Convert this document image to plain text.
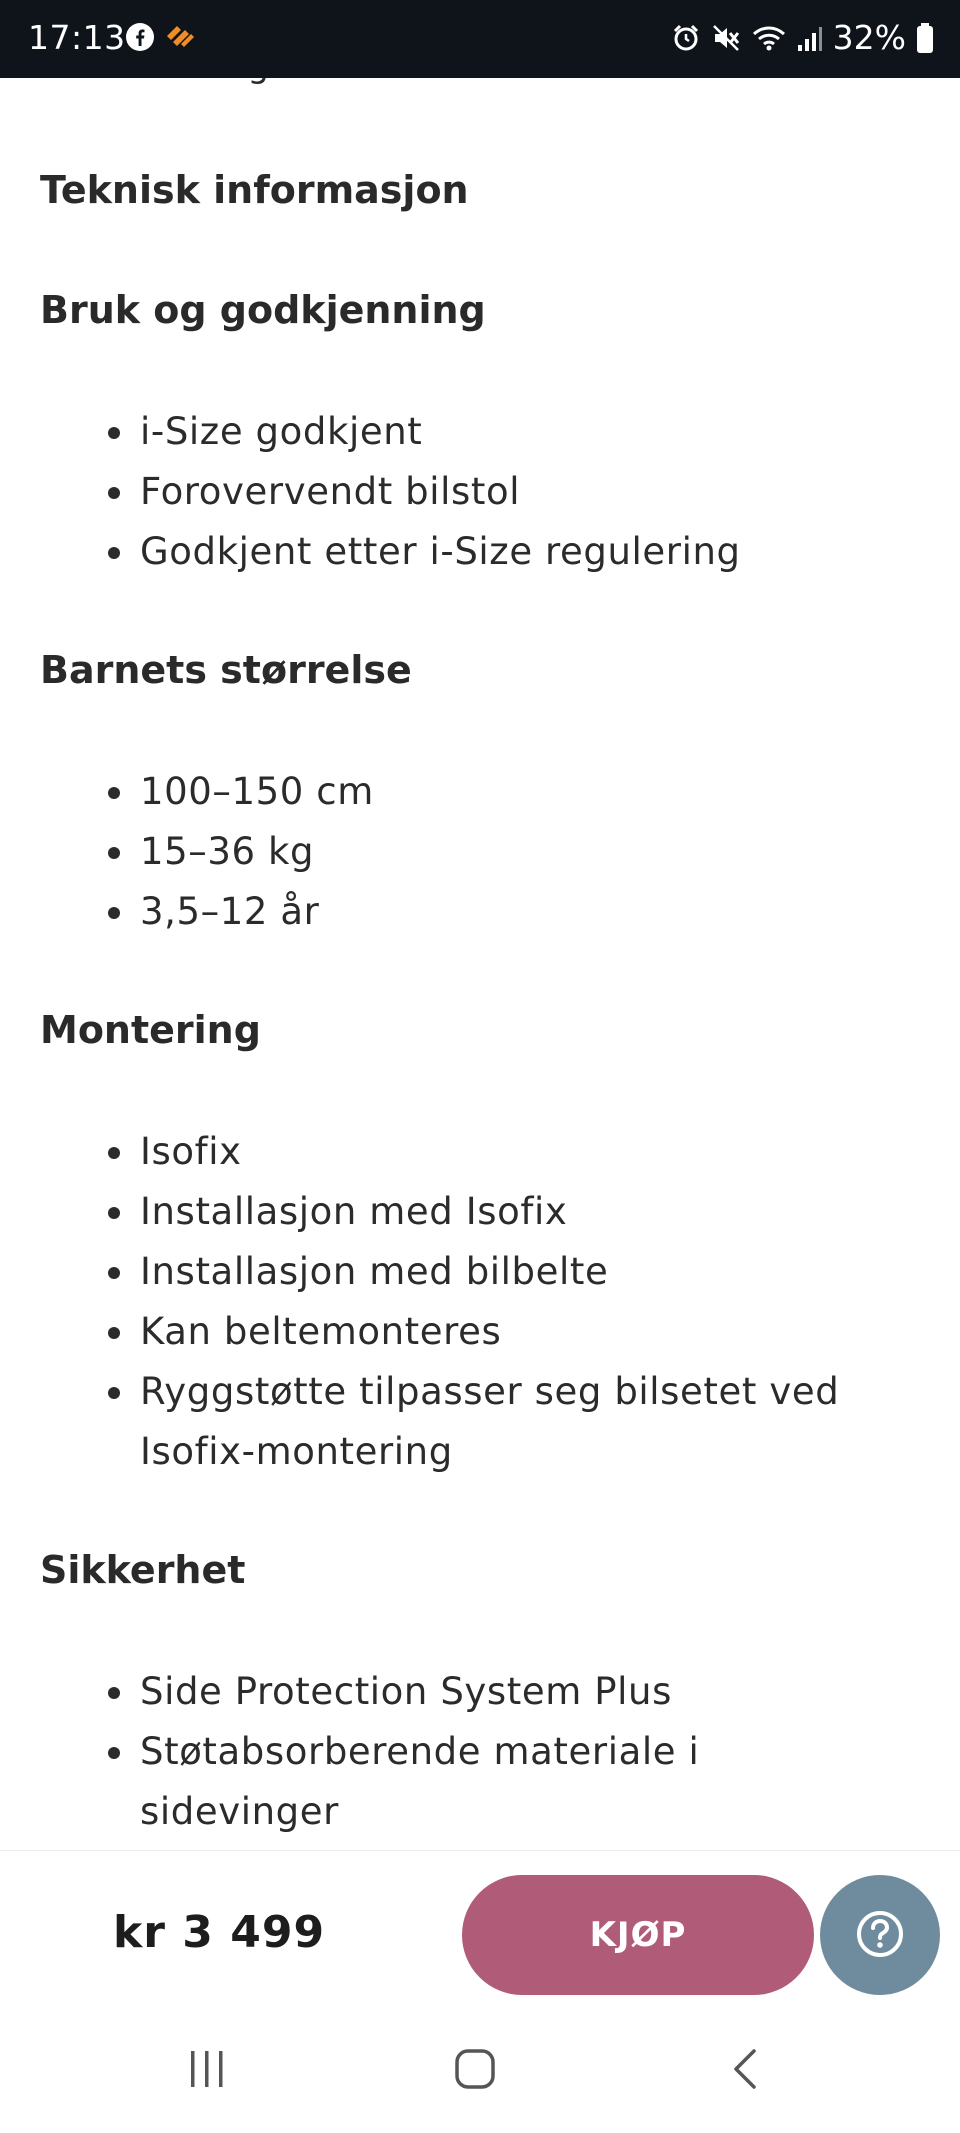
17:13	32%
Teknisk informasjon
Bruk og godkjenning
i-Size godkjent
Forovervendt bilstol
Godkjent etter i-Size regulering
Barnets størrelse
100–150 cm
15–36 kg
3,5–12 år
Montering
Isofix
Installasjon med Isofix
Installasjon med bilbelte
Kan beltemonteres
Ryggstøtte tilpasser seg bilsetet ved Isofix-montering
Sikkerhet
Side Protection System Plus
Støtabsorberende materiale i sidevinger
kr 3 499	KJØP
